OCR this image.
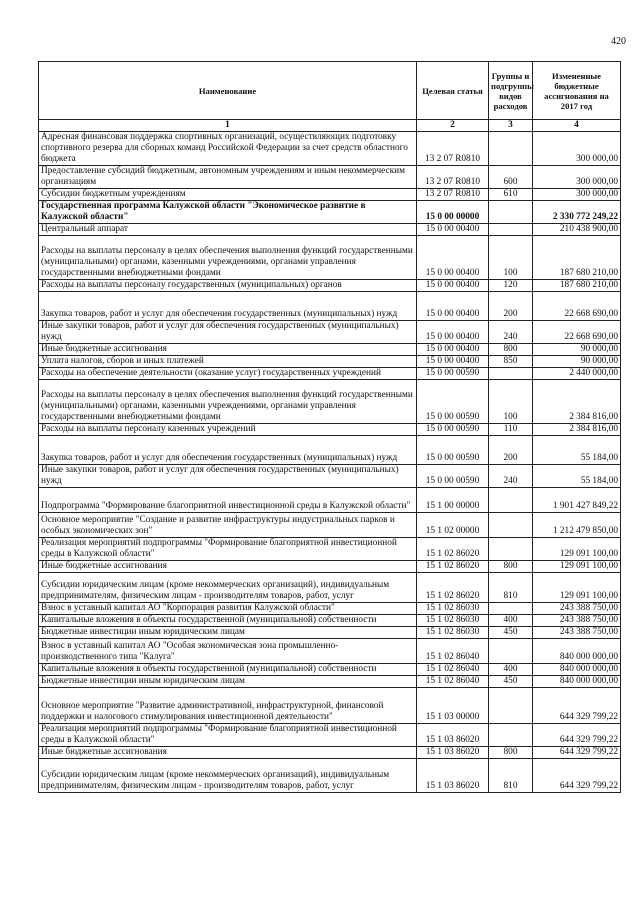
420
Наименование	Целевая статья	Группы и подгруппы видов расходов	Измененные бюджетные ассигнования на 2017 год
1	2	3	4
Адресная финансовая поддержка спортивных организаций, осуществляющих подготовку спортивного резерва для сборных команд Российской Федерации за счет средств областного бюджета	13 2 07 R0810		300 000,00
Предоставление субсидий бюджетным, автономным учреждениям и иным некоммерческим организациям	13 2 07 R0810	600	300 000,00
Субсидии бюджетным учреждениям	13 2 07 R0810	610	300 000,00
Государственная программа Калужской области "Экономическое развитие в Калужской области"	15 0 00 00000		2 330 772 249,22
Центральный аппарат	15 0 00 00400		210 438 900,00
Расходы на выплаты персоналу в целях обеспечения выполнения функций государственными (муниципальными) органами, казенными учреждениями, органами управления государственными внебюджетными фондами	15 0 00 00400	100	187 680 210,00
Расходы на выплаты персоналу государственных (муниципальных) органов	15 0 00 00400	120	187 680 210,00
Закупка товаров, работ и услуг для обеспечения государственных (муниципальных) нужд	15 0 00 00400	200	22 668 690,00
Иные закупки товаров, работ и услуг для обеспечения государственных (муниципальных) нужд	15 0 00 00400	240	22 668 690,00
Иные бюджетные ассигнования	15 0 00 00400	800	90 000,00
Уплата налогов, сборов и иных платежей	15 0 00 00400	850	90 000,00
Расходы на обеспечение деятельности (оказание услуг) государственных учреждений	15 0 00 00590		2 440 000,00
Расходы на выплаты персоналу в целях обеспечения выполнения функций государственными (муниципальными) органами, казенными учреждениями, органами управления государственными внебюджетными фондами	15 0 00 00590	100	2 384 816,00
Расходы на выплаты персоналу казенных учреждений	15 0 00 00590	110	2 384 816,00
Закупка товаров, работ и услуг для обеспечения государственных (муниципальных) нужд	15 0 00 00590	200	55 184,00
Иные закупки товаров, работ и услуг для обеспечения государственных (муниципальных) нужд	15 0 00 00590	240	55 184,00
Подпрограмма "Формирование благоприятной инвестиционной среды в Калужской области"	15 1 00 00000		1 901 427 849,22
Основное мероприятие "Создание и развитие инфраструктуры индустриальных парков и особых экономических зон"	15 1 02 00000		1 212 479 850,00
Реализация мероприятий подпрограммы "Формирование благоприятной инвестиционной среды в Калужской области"	15 1 02 86020		129 091 100,00
Иные бюджетные ассигнования	15 1 02 86020	800	129 091 100,00
Субсидии юридическим лицам (кроме некоммерческих организаций), индивидуальным предпринимателям, физическим лицам - производителям товаров, работ, услуг	15 1 02 86020	810	129 091 100,00
Взнос в уставный капитал АО "Корпорация развития Калужской области"	15 1 02 86030		243 388 750,00
Капитальные вложения в объекты государственной (муниципальной) собственности	15 1 02 86030	400	243 388 750,00
Бюджетные инвестиции иным юридическим лицам	15 1 02 86030	450	243 388 750,00
Взнос в уставный капитал АО "Особая экономическая зона промышленно-производственного типа "Калуга"	15 1 02 86040		840 000 000,00
Капитальные вложения в объекты государственной (муниципальной) собственности	15 1 02 86040	400	840 000 000,00
Бюджетные инвестиции иным юридическим лицам	15 1 02 86040	450	840 000 000,00
Основное мероприятие "Развитие административной, инфраструктурной, финансовой поддержки и налогового стимулирования инвестиционной деятельности"	15 1 03 00000		644 329 799,22
Реализация мероприятий подпрограммы "Формирование благоприятной инвестиционной среды в Калужской области"	15 1 03 86020		644 329 799,22
Иные бюджетные ассигнования	15 1 03 86020	800	644 329 799,22
Субсидии юридическим лицам (кроме некоммерческих организаций), индивидуальным предпринимателям, физическим лицам - производителям товаров, работ, услуг	15 1 03 86020	810	644 329 799,22
